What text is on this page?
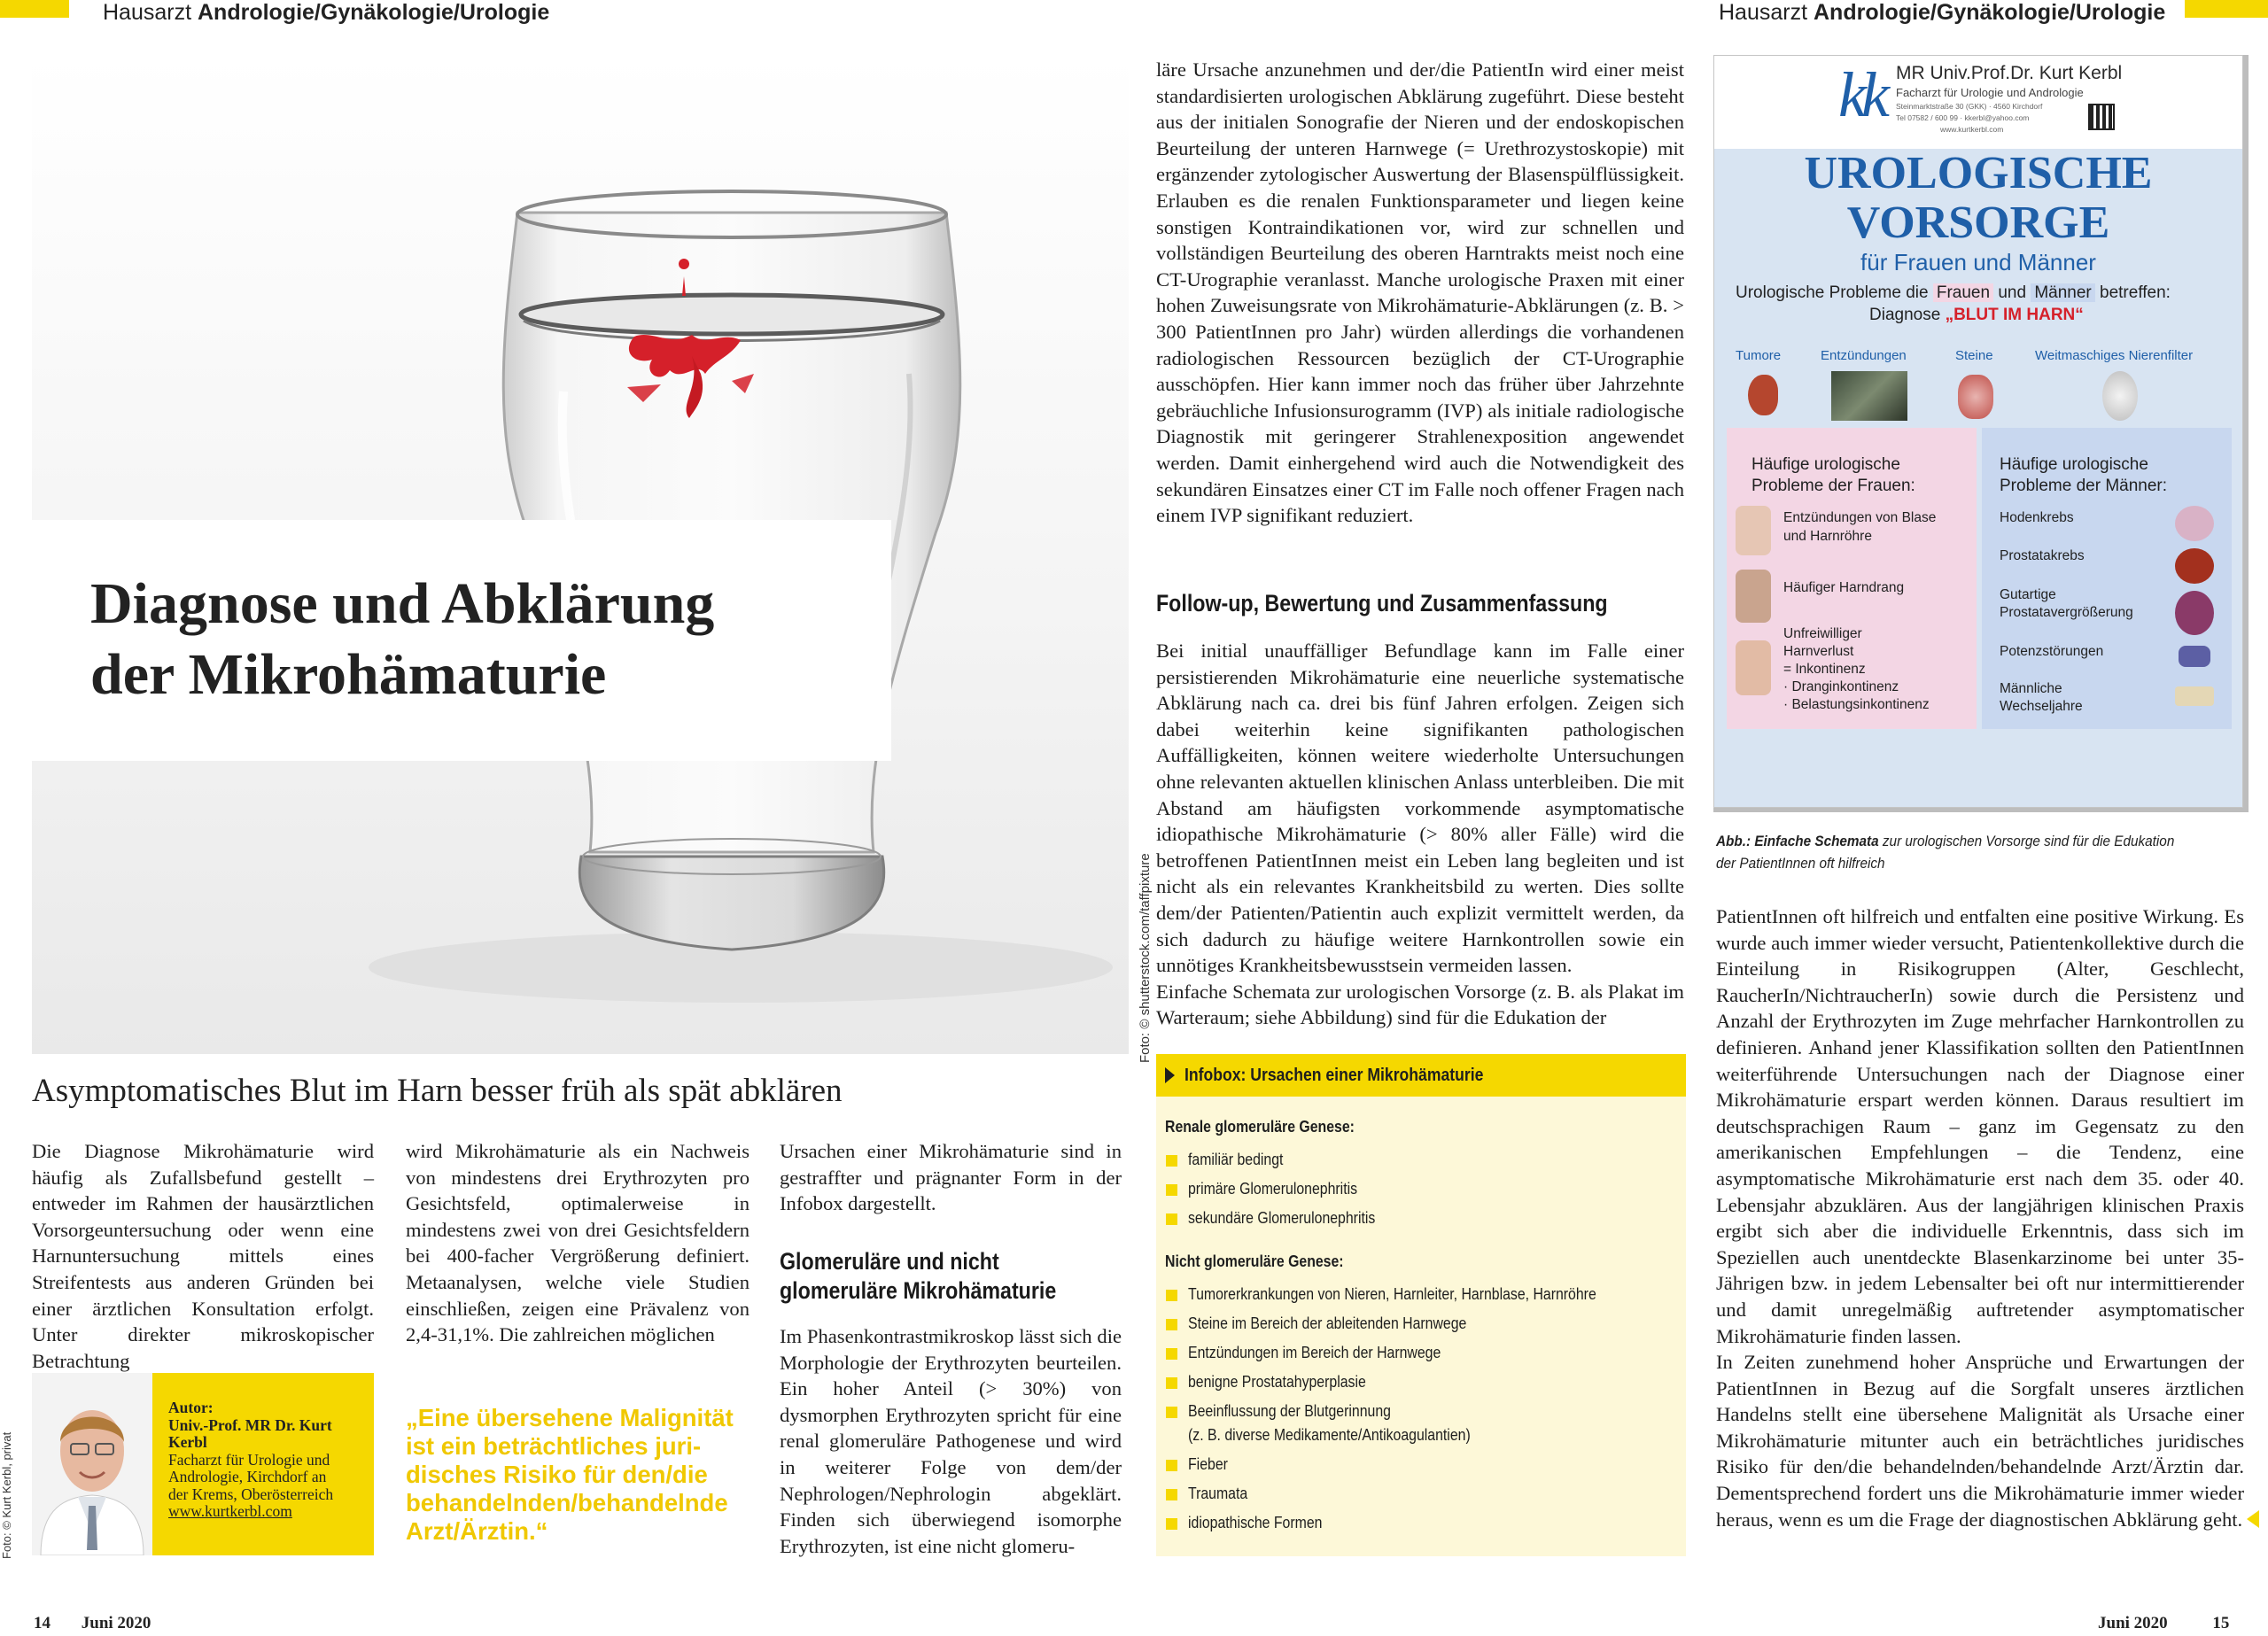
Hausarzt Andrologie/Gynäkologie/Urologie	Hausarzt Andrologie/Gynäkologie/Urologie
Diagnose und Abklärung
der Mikrohämaturie
Foto: © shutterstock.com/taffpixture
Asymptomatisches Blut im Harn besser früh als spät abklären

Die Diagnose Mikrohämaturie wird häufig als Zufallsbefund gestellt – entweder im Rahmen der hausärztlichen Vorsorgeuntersuchung oder wenn eine Harnuntersuchung mittels eines Streifentests aus anderen Gründen bei einer ärztlichen Konsultation erfolgt. Unter direkter mikroskopischer Betrachtung

wird Mikrohämaturie als ein Nachweis von mindestens drei Erythrozyten pro Gesichtsfeld, optimalerweise in mindestens zwei von drei Gesichtsfeldern bei 400-facher Vergrößerung definiert. Metaanalysen, welche viele Studien einschließen, zeigen eine Prävalenz von 2,4-31,1%. Die zahlreichen möglichen

Ursachen einer Mikrohämaturie sind in gestraffter und prägnanter Form in der Infobox dargestellt.

Glomeruläre und nicht
glomeruläre Mikrohämaturie

Im Phasenkontrastmikroskop lässt sich die Morphologie der Erythrozyten beurteilen. Ein hoher Anteil (> 30%) von dysmorphen Erythrozyten spricht für eine renal glomeruläre Pathogenese und wird in weiterer Folge von dem/der Nephrologen/Nephrologin abgeklärt. Finden sich überwiegend isomorphe Erythrozyten, ist eine nicht glomeru-

Foto: © Kurt Kerbl, privat
Autor:
Univ.-Prof. MR Dr. Kurt
Kerbl
Facharzt für Urologie und
Andrologie, Kirchdorf an
der Krems, Oberösterreich
www.kurtkerbl.com
„Eine übersehene Malignität
ist ein beträchtliches juri-
disches Risiko für den/die
behandelnden/behandelnde
Arzt/Ärztin.“

läre Ursache anzunehmen und der/die PatientIn wird einer meist standardisierten urologischen Abklärung zugeführt. Diese besteht aus der initialen Sonografie der Nieren und der endoskopischen Beurteilung der unteren Harnwege (= Urethrozystoskopie) mit ergänzender zytologischer Auswertung der Blasenspülflüssigkeit. Erlauben es die renalen Funktionsparameter und liegen keine sonstigen Kontraindikationen vor, wird zur schnellen und vollständigen Beurteilung des oberen Harntrakts meist noch eine CT-Urographie veranlasst. Manche urologische Praxen mit einer hohen Zuweisungsrate von Mikrohämaturie-Abklärungen (z. B. > 300 PatientInnen pro Jahr) würden allerdings die vorhandenen radiologischen Ressourcen bezüglich der CT-Urographie ausschöpfen. Hier kann immer noch das früher über Jahrzehnte gebräuchliche Infusionsurogramm (IVP) als initiale radiologische Diagnostik mit geringerer Strahlenexposition angewendet werden. Damit einhergehend wird auch die Notwendigkeit des sekundären Einsatzes einer CT im Falle noch offener Fragen nach einem IVP signifikant reduziert.

Follow-up, Bewertung und Zusammenfassung

Bei initial unauffälliger Befundlage kann im Falle einer persistierenden Mikrohämaturie eine neuerliche systematische Abklärung nach ca. drei bis fünf Jahren erfolgen. Zeigen sich dabei weiterhin keine signifikanten pathologischen Auffälligkeiten, können weitere wiederholte Untersuchungen ohne relevanten aktuellen klinischen Anlass unterbleiben. Die mit Abstand am häufigsten vorkommende asymptomatische idiopathische Mikrohämaturie (> 80% aller Fälle) wird die betroffenen PatientInnen meist ein Leben lang begleiten und ist nicht als ein relevantes Krankheitsbild zu werten. Dies sollte dem/der Patienten/Patientin auch explizit vermittelt werden, da sich dadurch zu häufige weitere Harnkontrollen sowie ein unnötiges Krankheitsbewusstsein vermeiden lassen.

Einfache Schemata zur urologischen Vorsorge (z. B. als Plakat im Warteraum; siehe Abbildung) sind für die Edukation der

Infobox: Ursachen einer Mikrohämaturie
Renale glomeruläre Genese:
familiär bedingt
primäre Glomerulonephritis
sekundäre Glomerulonephritis
Nicht glomeruläre Genese:
Tumorerkrankungen von Nieren, Harnleiter, Harnblase, Harnröhre
Steine im Bereich der ableitenden Harnwege
Entzündungen im Bereich der Harnwege
benigne Prostatahyperplasie
Beeinflussung der Blutgerinnung
(z. B. diverse Medikamente/Antikoagulantien)
Fieber
Traumata
idiopathische Formen
kk MR Univ.Prof.Dr. Kurt Kerbl
Facharzt für Urologie und Andrologie
Steinmarktstraße 30 (GKK) · 4560 Kirchdorf
Tel 07582 / 600 99 · kkerbl@yahoo.com
www.kurtkerbl.com
UROLOGISCHE
VORSORGE
für Frauen und Männer
Urologische Probleme die Frauen und Männer betreffen:
Diagnose „BLUT IM HARN“
Tumore	Entzündungen	Steine	Weitmaschiges Nierenfilter
Häufige urologische
Probleme der Frauen:
Häufige urologische
Probleme der Männer:
Entzündungen von Blase
und Harnröhre
Häufiger Harndrang
Unfreiwilliger
Harnverlust
= Inkontinenz
· Dranginkontinenz
· Belastungsinkontinenz
Hodenkrebs
Prostatakrebs
Gutartige
Prostatavergrößerung
Potenzstörungen
Männliche
Wechseljahre
Abb.: Einfache Schemata zur urologischen Vorsorge sind für die Edukation
der PatientInnen oft hilfreich

PatientInnen oft hilfreich und entfalten eine positive Wirkung. Es wurde auch immer wieder versucht, Patientenkollektive durch die Einteilung in Risikogruppen (Alter, Geschlecht, RaucherIn/NichtraucherIn) sowie durch die Persistenz und Anzahl der Erythrozyten im Zuge mehrfacher Harnkontrollen zu definieren. Anhand jener Klassifikation sollten den PatientInnen weiterführende Untersuchungen nach der Diagnose einer Mikrohämaturie erspart werden können. Daraus resultiert im deutschsprachigen Raum – ganz im Gegensatz zu den amerikanischen Empfehlungen – die Tendenz, eine asymptomatische Mikrohämaturie erst nach dem 35. oder 40. Lebensjahr abzuklären. Aus der langjährigen klinischen Praxis ergibt sich aber die individuelle Erkenntnis, dass sich im Speziellen auch unentdeckte Blasenkarzinome bei unter 35-Jährigen bzw. in jedem Lebensalter bei oft nur intermittierender und damit unregelmäßig auftretender asymptomatischer Mikrohämaturie finden lassen.

In Zeiten zunehmend hoher Ansprüche und Erwartungen der PatientInnen in Bezug auf die Sorgfalt unseres ärztlichen Handelns stellt eine übersehene Malignität als Ursache einer Mikrohämaturie mitunter auch ein beträchtliches juridisches Risiko für den/die behandelnden/behandelnde Arzt/Ärztin dar. Dementsprechend fordert uns die Mikrohämaturie immer wieder heraus, wenn es um die Frage der diagnostischen Abklärung geht.

14 Juni 2020	Juni 2020	15
